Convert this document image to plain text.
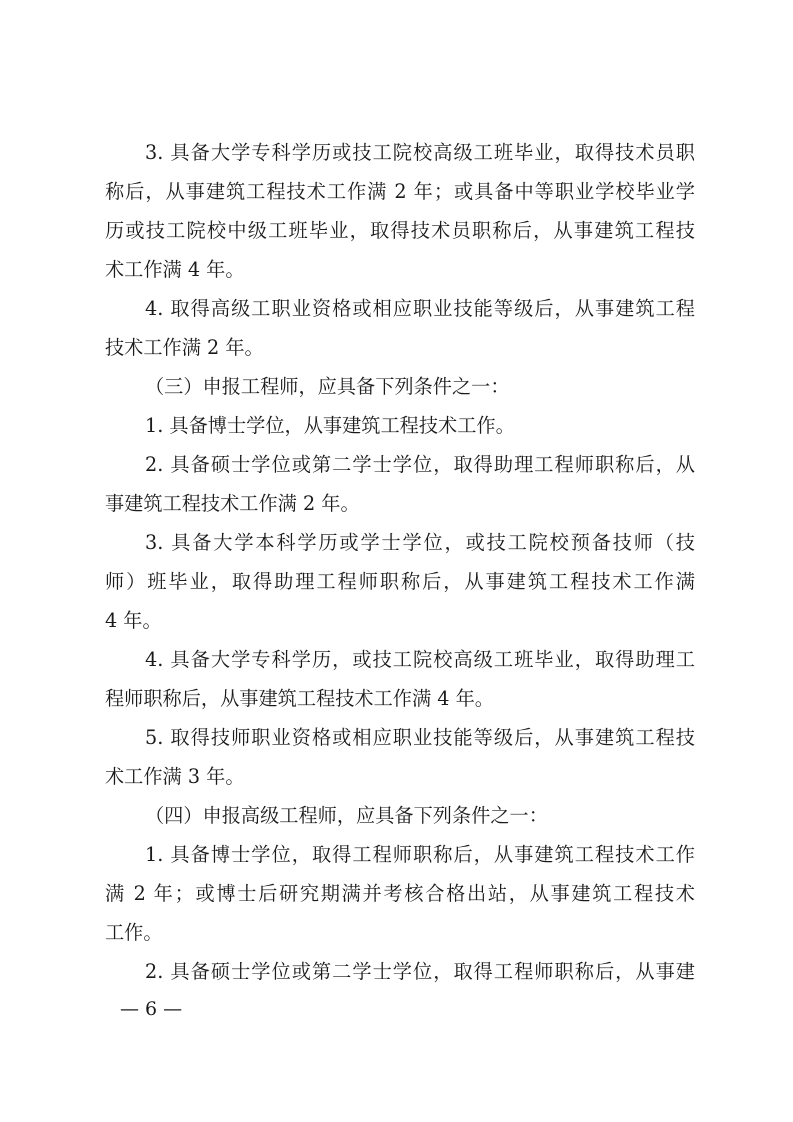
3. 具备大学专科学历或技工院校高级工班毕业，取得技术员职
称后，从事建筑工程技术工作满 2 年；或具备中等职业学校毕业学
历或技工院校中级工班毕业，取得技术员职称后，从事建筑工程技
术工作满 4 年。
4. 取得高级工职业资格或相应职业技能等级后，从事建筑工程
技术工作满 2 年。
（三）申报工程师，应具备下列条件之一：
1. 具备博士学位，从事建筑工程技术工作。
2. 具备硕士学位或第二学士学位，取得助理工程师职称后，从
事建筑工程技术工作满 2 年。
3. 具备大学本科学历或学士学位，或技工院校预备技师（技
师）班毕业，取得助理工程师职称后，从事建筑工程技术工作满
4 年。
4. 具备大学专科学历，或技工院校高级工班毕业，取得助理工
程师职称后，从事建筑工程技术工作满 4 年。
5. 取得技师职业资格或相应职业技能等级后，从事建筑工程技
术工作满 3 年。
（四）申报高级工程师，应具备下列条件之一：
1. 具备博士学位，取得工程师职称后，从事建筑工程技术工作
满 2 年；或博士后研究期满并考核合格出站，从事建筑工程技术
工作。
2. 具备硕士学位或第二学士学位，取得工程师职称后，从事建
— 6 —
